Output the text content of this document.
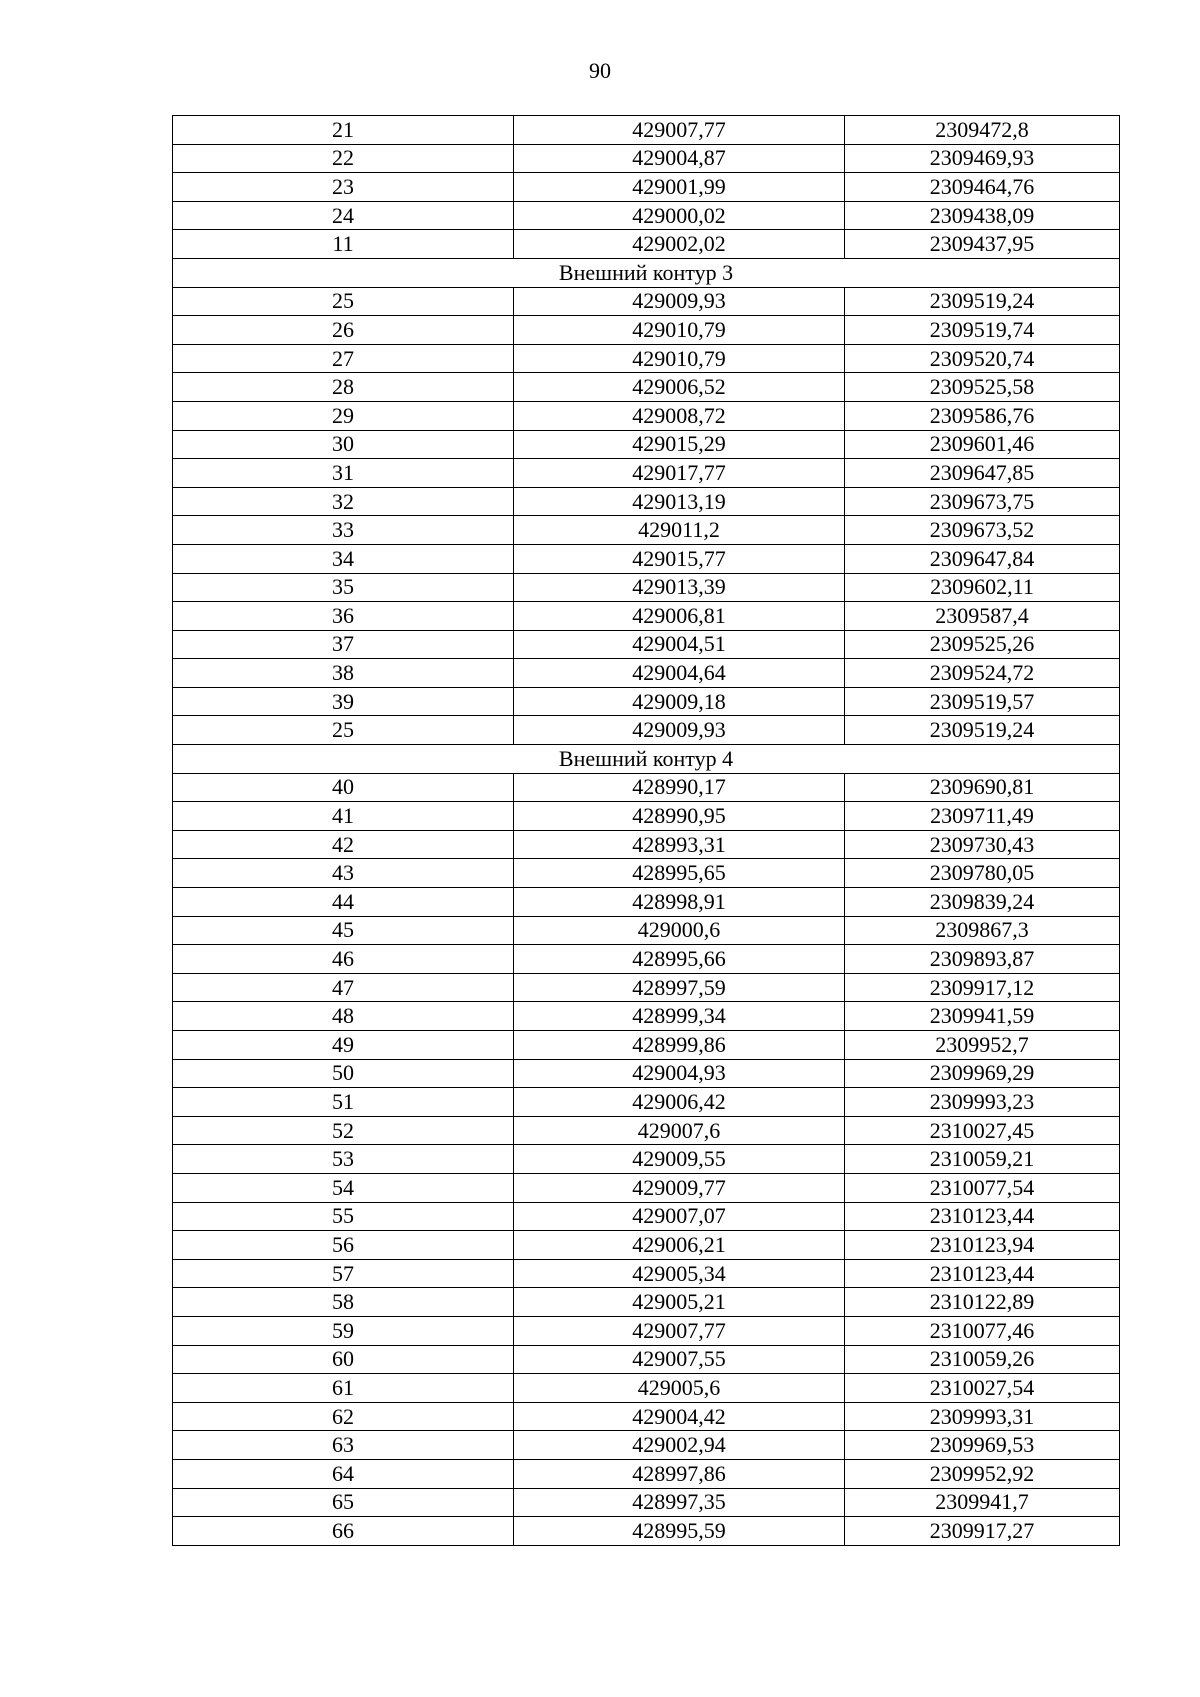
90
21	429007,77	2309472,8
22	429004,87	2309469,93
23	429001,99	2309464,76
24	429000,02	2309438,09
11	429002,02	2309437,95
Внешний контур 3		
25	429009,93	2309519,24
26	429010,79	2309519,74
27	429010,79	2309520,74
28	429006,52	2309525,58
29	429008,72	2309586,76
30	429015,29	2309601,46
31	429017,77	2309647,85
32	429013,19	2309673,75
33	429011,2	2309673,52
34	429015,77	2309647,84
35	429013,39	2309602,11
36	429006,81	2309587,4
37	429004,51	2309525,26
38	429004,64	2309524,72
39	429009,18	2309519,57
25	429009,93	2309519,24
Внешний контур 4		
40	428990,17	2309690,81
41	428990,95	2309711,49
42	428993,31	2309730,43
43	428995,65	2309780,05
44	428998,91	2309839,24
45	429000,6	2309867,3
46	428995,66	2309893,87
47	428997,59	2309917,12
48	428999,34	2309941,59
49	428999,86	2309952,7
50	429004,93	2309969,29
51	429006,42	2309993,23
52	429007,6	2310027,45
53	429009,55	2310059,21
54	429009,77	2310077,54
55	429007,07	2310123,44
56	429006,21	2310123,94
57	429005,34	2310123,44
58	429005,21	2310122,89
59	429007,77	2310077,46
60	429007,55	2310059,26
61	429005,6	2310027,54
62	429004,42	2309993,31
63	429002,94	2309969,53
64	428997,86	2309952,92
65	428997,35	2309941,7
66	428995,59	2309917,27
